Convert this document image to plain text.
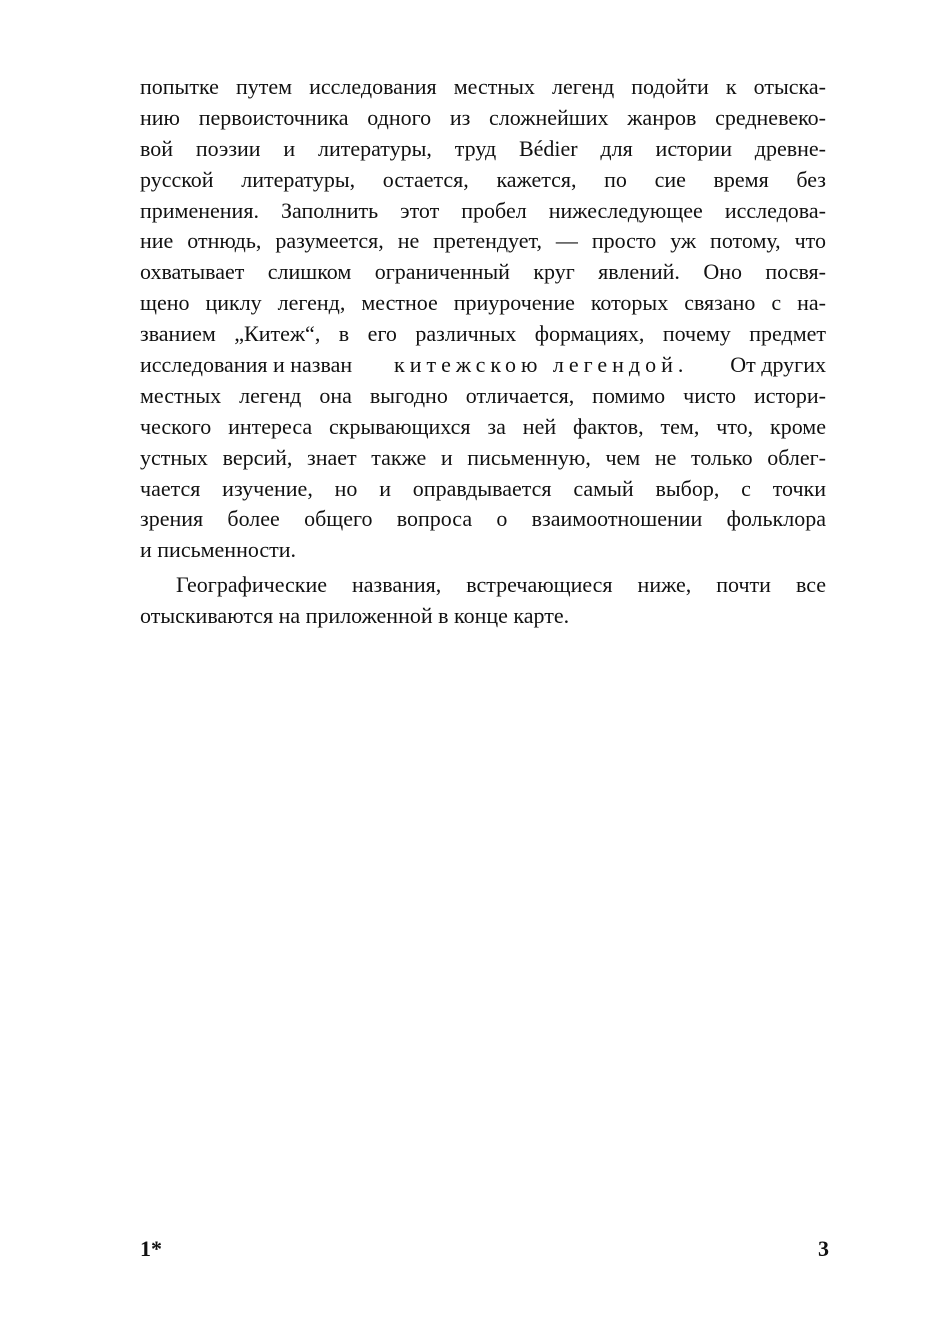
попытке путем исследования местных легенд подойти к отыска-
нию первоисточника одного из сложнейших жанров средневеко-
вой поэзии и литературы, труд Bédier для истории древне-
русской литературы, остается, кажется, по сие время без
применения. Заполнить этот пробел нижеследующее исследова-
ние отнюдь, разумеется, не претендует, — просто уж потому, что
охватывает слишком ограниченный круг явлений. Оно посвя-
щено циклу легенд, местное приурочение которых связано с на-
званием „Китеж“, в его различных формациях, почему предмет
исследования и назван китежскою легендой. От других
местных легенд она выгодно отличается, помимо чисто истори-
ческого интереса скрывающихся за ней фактов, тем, что, кроме
устных версий, знает также и письменную, чем не только облег-
чается изучение, но и оправдывается самый выбор, с точки
зрения более общего вопроса о взаимоотношении фольклора
и письменности.
Географические названия, встречающиеся ниже, почти все
отыскиваются на приложенной в конце карте.
1*	3
